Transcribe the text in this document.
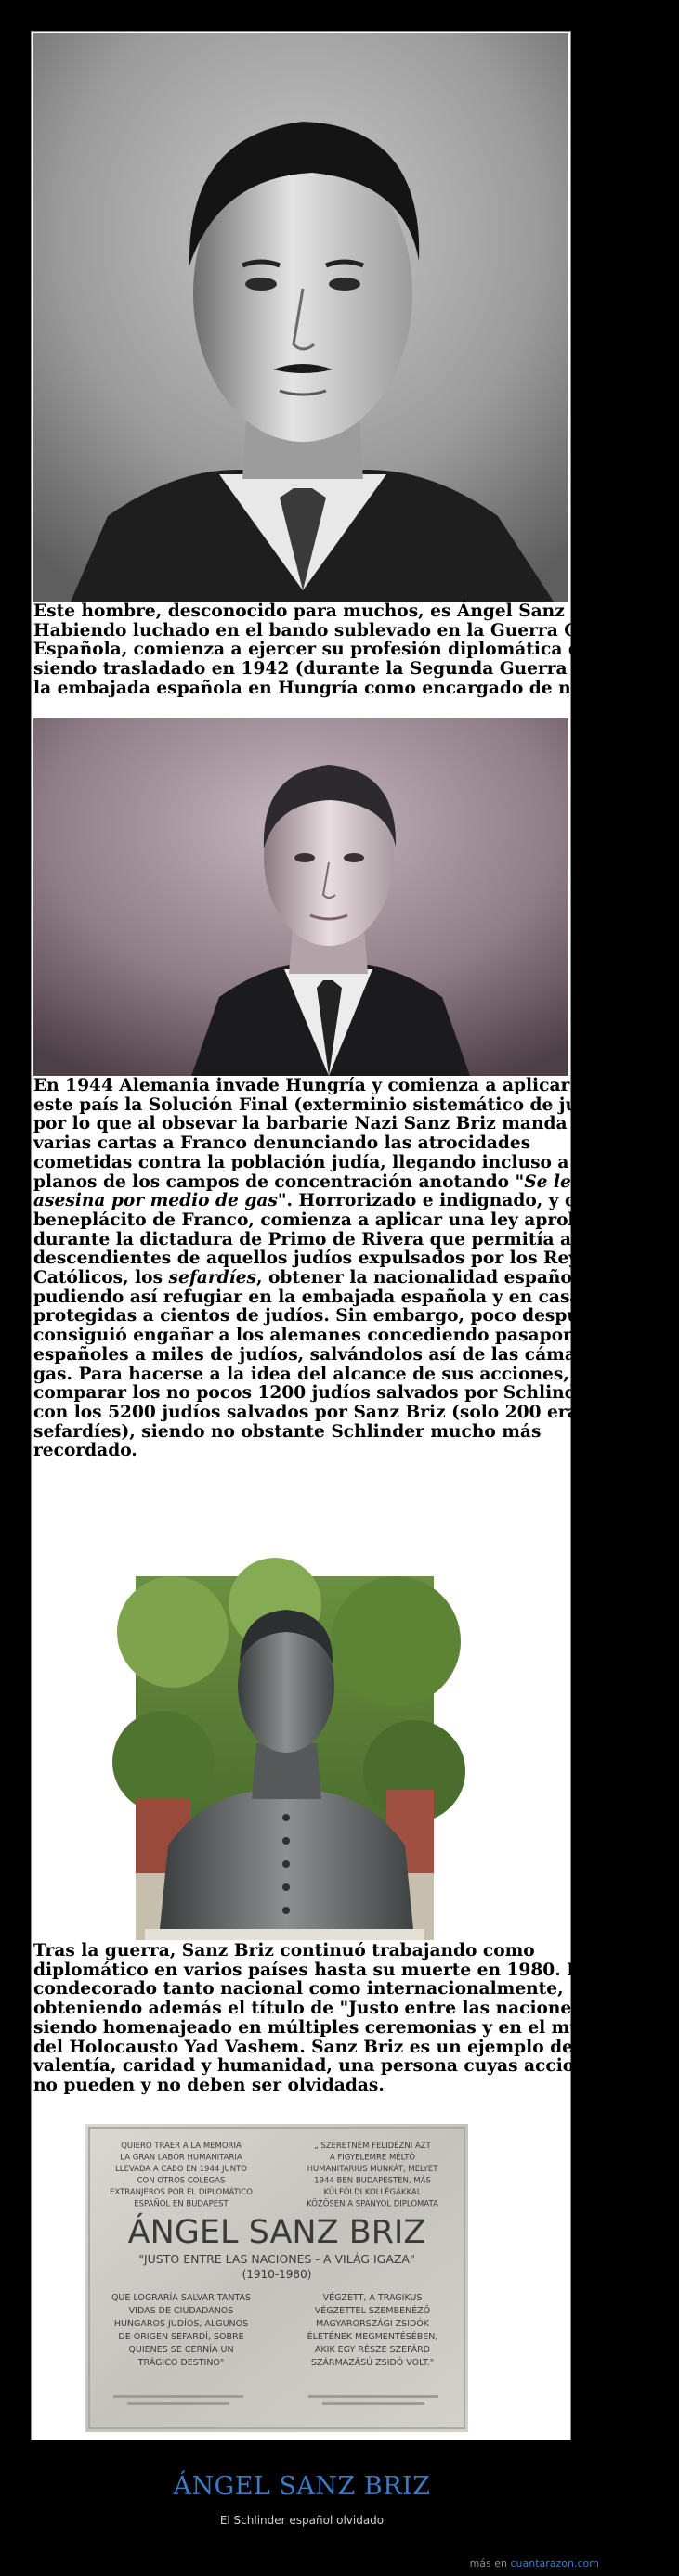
Este hombre, desconocido para muchos, es Ángel Sanz Briz.
Habiendo luchado en el bando sublevado en la Guerra Civil
Española, comienza a ejercer su profesión diplomática en Egipto,
siendo trasladado en 1942 (durante la Segunda Guerra Mundial) a
la embajada española en Hungría como encargado de negocios.
En 1944 Alemania invade Hungría y comienza a aplicar en
este país la Solución Final (exterminio sistemático de judíos),
por lo que al obsevar la barbarie Nazi Sanz Briz manda
varias cartas a Franco denunciando las atrocidades
cometidas contra la población judía, llegando incluso a enviar
planos de los campos de concentración anotando "Se les
asesina por medio de gas". Horrorizado e indignado, y con el
beneplácito de Franco, comienza a aplicar una ley aprobada
durante la dictadura de Primo de Rivera que permitía a los
descendientes de aquellos judíos expulsados por los Reyes
Católicos, los sefardíes, obtener la nacionalidad española,
pudiendo así refugiar en la embajada española y en casas
protegidas a cientos de judíos. Sin embargo, poco después
consiguió engañar a los alemanes concediendo pasaportes
españoles a miles de judíos, salvándolos así de las cámaras de
gas. Para hacerse a la idea del alcance de sus acciones, basta
comparar los no pocos 1200 judíos salvados por Schlinder
con los 5200 judíos salvados por Sanz Briz (solo 200 eran
sefardíes), siendo no obstante Schlinder mucho más
recordado.
Tras la guerra, Sanz Briz continuó trabajando como
diplomático en varios países hasta su muerte en 1980. Fue
condecorado tanto nacional como internacionalmente,
obteniendo además el título de "Justo entre las naciones" y
siendo homenajeado en múltiples ceremonias y en el museo
del Holocausto Yad Vashem. Sanz Briz es un ejemplo de
valentía, caridad y humanidad, una persona cuyas acciones
no pueden y no deben ser olvidadas.
QUIERO TRAER A LA MEMORIA
LA GRAN LABOR HUMANITARIA
LLEVADA A CABO EN 1944 JUNTO
CON OTROS COLEGAS
EXTRANJEROS POR EL DIPLOMÁTICO
ESPAÑOL EN BUDAPEST
„ SZERETNÉM FELIDÉZNI AZT
A FIGYELEMRE MÉLTÓ
HUMANITÁRIUS MUNKÁT, MELYET
1944-BEN BUDAPESTEN, MÁS
KÜLFÖLDI KOLLÉGÁKKAL
KÖZÖSEN A SPANYOL DIPLOMATA
ÁNGEL SANZ BRIZ
"JUSTO ENTRE LAS NACIONES - A VILÁG IGAZA"
(1910-1980)
QUE LOGRARÍA SALVAR TANTAS
VIDAS DE CIUDADANOS
HÚNGAROS JUDÍOS, ALGUNOS
DE ORIGEN SEFARDÍ, SOBRE
QUIENES SE CERNÍA UN
TRÁGICO DESTINO"
VÉGZETT, A TRAGIKUS
VÉGZETTEL SZEMBENÉZŐ
MAGYARORSZÁGI ZSIDÓK
ÉLETÉNEK MEGMENTÉSÉBEN,
AKIK EGY RÉSZE SZEFÁRD
SZÁRMAZÁSÚ ZSIDÓ VOLT."
ÁNGEL SANZ BRIZ
El Schlinder español olvidado
más en cuantarazon.com
